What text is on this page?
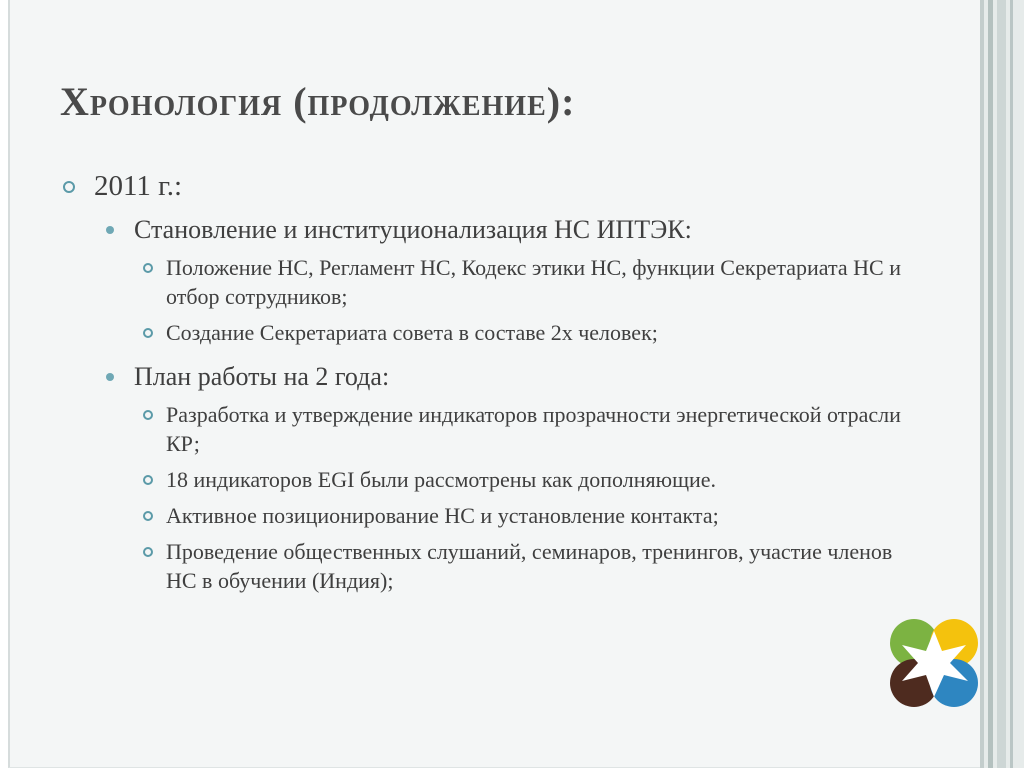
Хронология (продолжение):
2011 г.:
Становление и институционализация НС ИПТЭК:
Положение НС, Регламент НС, Кодекс этики НС, функции Секретариата НС и отбор сотрудников;
Создание Секретариата совета в составе 2х человек;
План работы на 2 года:
Разработка и утверждение индикаторов прозрачности энергетической отрасли КР;
18 индикаторов EGI были рассмотрены как дополняющие.
Активное позиционирование НС и установление контакта;
Проведение общественных слушаний, семинаров, тренингов, участие членов НС в обучении (Индия);
